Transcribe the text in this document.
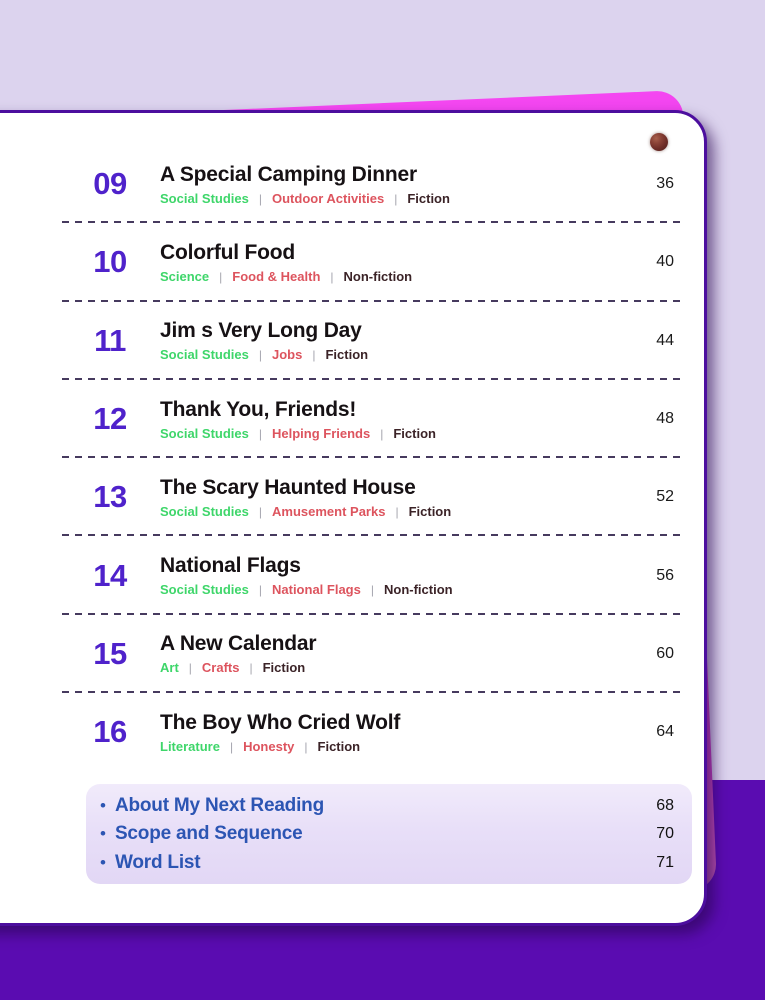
09	A Special Camping Dinner
Social Studies | Outdoor Activities | Fiction
36
10	Colorful Food
Science | Food & Health | Non-fiction
40
11	Jim s Very Long Day
Social Studies | Jobs | Fiction
44
12	Thank You, Friends!
Social Studies | Helping Friends | Fiction
48
13	The Scary Haunted House
Social Studies | Amusement Parks | Fiction
52
14	National Flags
Social Studies | National Flags | Non-fiction
56
15	A New Calendar
Art | Crafts | Fiction
60
16	The Boy Who Cried Wolf
Literature | Honesty | Fiction
64
• About My Next Reading	68
• Scope and Sequence	70
• Word List	71
